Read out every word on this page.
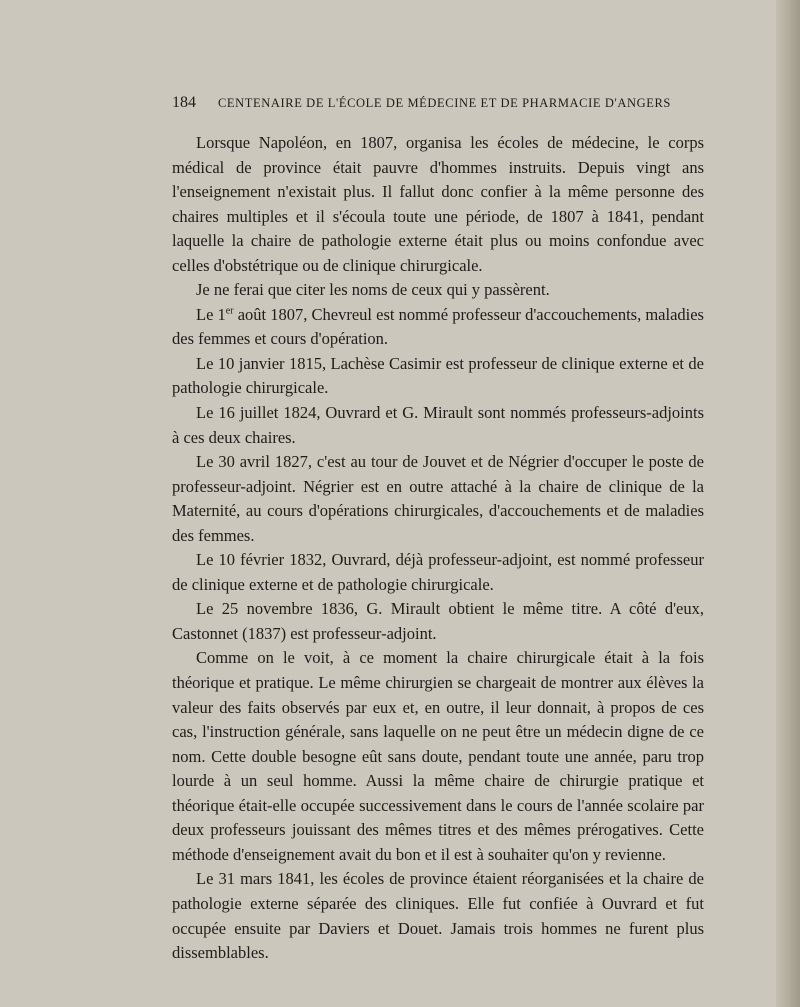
184 CENTENAIRE DE L'ÉCOLE DE MÉDECINE ET DE PHARMACIE D'ANGERS

Lorsque Napoléon, en 1807, organisa les écoles de médecine, le corps médical de province était pauvre d'hommes instruits. Depuis vingt ans l'enseignement n'existait plus. Il fallut donc confier à la même personne des chaires multiples et il s'écoula toute une période, de 1807 à 1841, pendant laquelle la chaire de pathologie externe était plus ou moins confondue avec celles d'obstétrique ou de clinique chirurgicale.

Je ne ferai que citer les noms de ceux qui y passèrent.

Le 1er août 1807, Chevreul est nommé professeur d'accouchements, maladies des femmes et cours d'opération.

Le 10 janvier 1815, Lachèse Casimir est professeur de clinique externe et de pathologie chirurgicale.

Le 16 juillet 1824, Ouvrard et G. Mirault sont nommés professeurs-adjoints à ces deux chaires.

Le 30 avril 1827, c'est au tour de Jouvet et de Négrier d'occuper le poste de professeur-adjoint. Négrier est en outre attaché à la chaire de clinique de la Maternité, au cours d'opérations chirurgicales, d'accouchements et de maladies des femmes.

Le 10 février 1832, Ouvrard, déjà professeur-adjoint, est nommé professeur de clinique externe et de pathologie chirurgicale.

Le 25 novembre 1836, G. Mirault obtient le même titre. A côté d'eux, Castonnet (1837) est professeur-adjoint.

Comme on le voit, à ce moment la chaire chirurgicale était à la fois théorique et pratique. Le même chirurgien se chargeait de montrer aux élèves la valeur des faits observés par eux et, en outre, il leur donnait, à propos de ces cas, l'instruction générale, sans laquelle on ne peut être un médecin digne de ce nom. Cette double besogne eût sans doute, pendant toute une année, paru trop lourde à un seul homme. Aussi la même chaire de chirurgie pratique et théorique était-elle occupée successivement dans le cours de l'année scolaire par deux professeurs jouissant des mêmes titres et des mêmes prérogatives. Cette méthode d'enseignement avait du bon et il est à souhaiter qu'on y revienne.

Le 31 mars 1841, les écoles de province étaient réorganisées et la chaire de pathologie externe séparée des cliniques. Elle fut confiée à Ouvrard et fut occupée ensuite par Daviers et Douet. Jamais trois hommes ne furent plus dissemblables.
